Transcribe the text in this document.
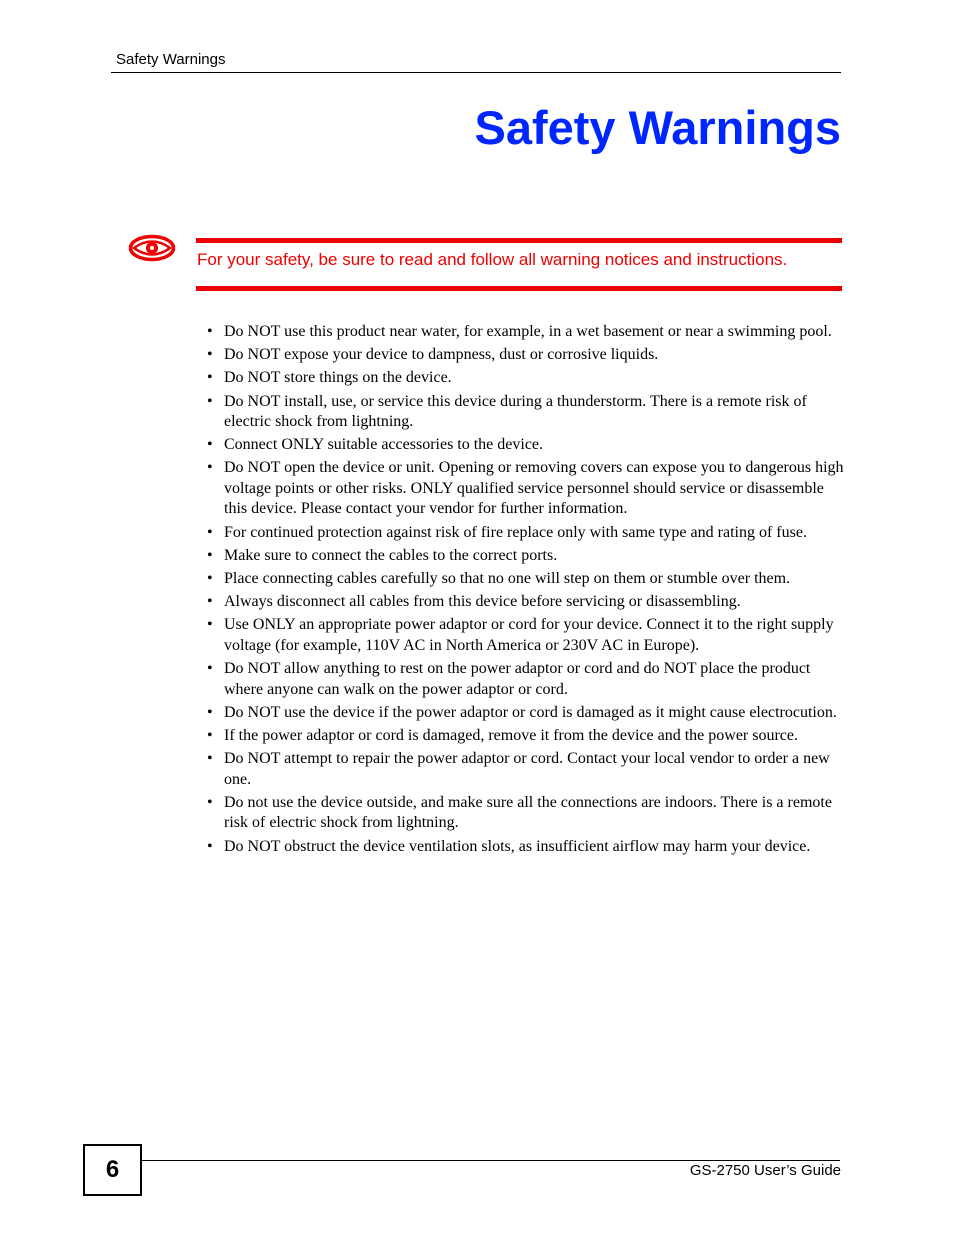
Safety Warnings
Safety Warnings
For your safety, be sure to read and follow all warning notices and instructions.
• Do NOT use this product near water, for example, in a wet basement or near a swimming pool.
• Do NOT expose your device to dampness, dust or corrosive liquids.
• Do NOT store things on the device.
• Do NOT install, use, or service this device during a thunderstorm. There is a remote risk of electric shock from lightning.
• Connect ONLY suitable accessories to the device.
• Do NOT open the device or unit. Opening or removing covers can expose you to dangerous high voltage points or other risks. ONLY qualified service personnel should service or disassemble this device. Please contact your vendor for further information.
• For continued protection against risk of fire replace only with same type and rating of fuse.
• Make sure to connect the cables to the correct ports.
• Place connecting cables carefully so that no one will step on them or stumble over them.
• Always disconnect all cables from this device before servicing or disassembling.
• Use ONLY an appropriate power adaptor or cord for your device. Connect it to the right supply voltage (for example, 110V AC in North America or 230V AC in Europe).
• Do NOT allow anything to rest on the power adaptor or cord and do NOT place the product where anyone can walk on the power adaptor or cord.
• Do NOT use the device if the power adaptor or cord is damaged as it might cause electrocution.
• If the power adaptor or cord is damaged, remove it from the device and the power source.
• Do NOT attempt to repair the power adaptor or cord. Contact your local vendor to order a new one.
• Do not use the device outside, and make sure all the connections are indoors. There is a remote risk of electric shock from lightning.
• Do NOT obstruct the device ventilation slots, as insufficient airflow may harm your device.
6	GS-2750 User’s Guide
